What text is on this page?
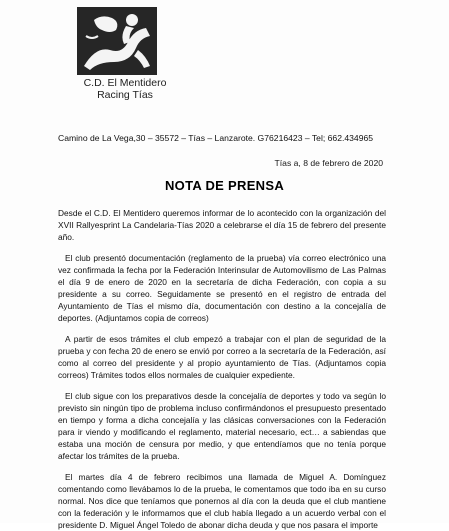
C.D. El Mentidero
Racing Tías
Camino de La Vega,30 – 35572 – Tías – Lanzarote. G76216423 – Tel; 662.434965
Tías a, 8 de febrero de 2020
NOTA DE PRENSA

Desde el C.D. El Mentidero queremos informar de lo acontecido con la organización del XVII Rallyesprint La Candelaria-Tías 2020 a celebrarse el día 15 de febrero del presente año.

El club presentó documentación (reglamento de la prueba) vía correo electrónico una vez confirmada la fecha por la Federación Interinsular de Automovilismo de Las Palmas el día 9 de enero de 2020 en la secretaría de dicha Federación, con copia a su presidente a su correo. Seguidamente se presentó en el registro de entrada del Ayuntamiento de Tías el mismo día, documentación con destino a la concejalía de deportes. (Adjuntamos copia de correos)

A partir de esos trámites el club empezó a trabajar con el plan de seguridad de la prueba y con fecha 20 de enero se envió por correo a la secretaría de la Federación, así como al correo del presidente y al propio ayuntamiento de Tías. (Adjuntamos copia correos) Trámites todos ellos normales de cualquier expediente.

El club sigue con los preparativos desde la concejalía de deportes y todo va según lo previsto sin ningún tipo de problema incluso confirmándonos el presupuesto presentado en tiempo y forma a dicha concejalía y las clásicas conversaciones con la Federación para ir viendo y modificando el reglamento, material necesario, ect… a sabiendas que estaba una moción de censura por medio, y que entendíamos que no tenía porque afectar los trámites de la prueba.

El martes día 4 de febrero recibimos una llamada de Miguel A. Domínguez comentando como llevábamos lo de la prueba, le comentamos que todo iba en su curso normal. Nos dice que teníamos que ponernos al día con la deuda que el club mantiene con la federación y le informamos que el club había llegado a un acuerdo verbal con el presidente D. Miguel Ángel Toledo de abonar dicha deuda y que nos pasara el importe
